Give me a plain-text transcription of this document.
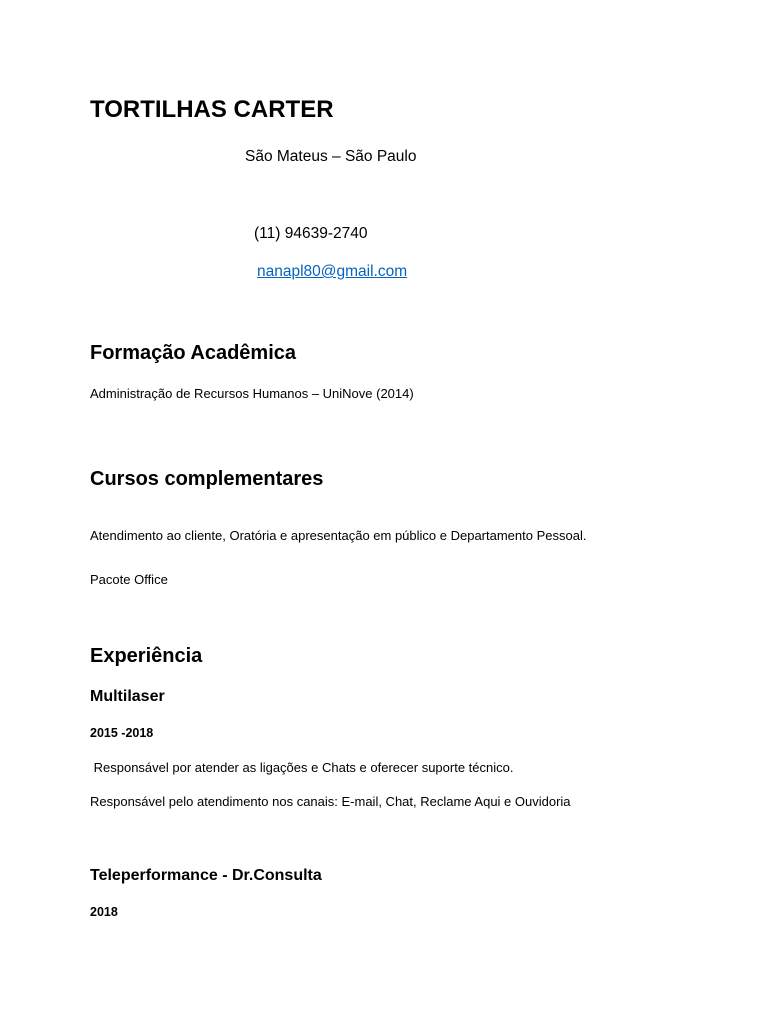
TORTILHAS CARTER
São Mateus – São Paulo
(11) 94639-2740
nanapl80@gmail.com
Formação Acadêmica
Administração de Recursos Humanos – UniNove (2014)
Cursos complementares
Atendimento ao cliente, Oratória e apresentação em público e Departamento Pessoal.
Pacote Office
Experiência
Multilaser
2015 -2018
Responsável por atender as ligações e Chats e oferecer suporte técnico.
Responsável pelo atendimento nos canais: E-mail, Chat, Reclame Aqui e Ouvidoria
Teleperformance - Dr.Consulta
2018
